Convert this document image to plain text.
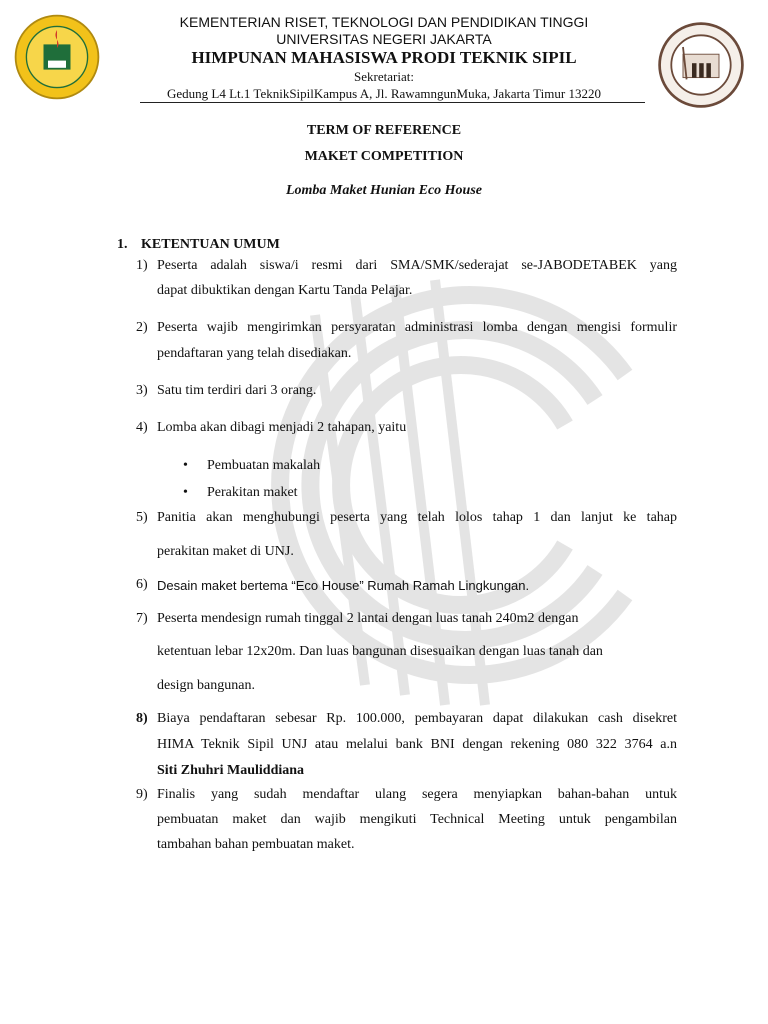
KEMENTERIAN RISET, TEKNOLOGI DAN PENDIDIKAN TINGGI
UNIVERSITAS NEGERI JAKARTA
HIMPUNAN MAHASISWA PRODI TEKNIK SIPIL
Sekretariat:
Gedung L4 Lt.1 TeknikSipilKampus A, Jl. RawamngunMuka, Jakarta Timur 13220
TERM OF REFERENCE
MAKET COMPETITION
Lomba Maket Hunian Eco House
1. KETENTUAN UMUM
1) Peserta adalah siswa/i resmi dari SMA/SMK/sederajat se-JABODETABEK yang
dapat dibuktikan dengan Kartu Tanda Pelajar.
2) Peserta wajib mengirimkan persyaratan administrasi lomba dengan mengisi formulir
pendaftaran yang telah disediakan.
3) Satu tim terdiri dari 3 orang.
4) Lomba akan dibagi menjadi 2 tahapan, yaitu
• Pembuatan makalah
• Perakitan maket
5) Panitia akan menghubungi peserta yang telah lolos tahap 1 dan lanjut ke tahap
perakitan maket di UNJ.
6) Desain maket bertema “Eco House” Rumah Ramah Lingkungan.
7) Peserta mendesign rumah tinggal 2 lantai dengan luas tanah 240m2 dengan
ketentuan lebar 12x20m. Dan luas bangunan disesuaikan dengan luas tanah dan
design bangunan.
8) Biaya pendaftaran sebesar Rp. 100.000, pembayaran dapat dilakukan cash disekret
HIMA Teknik Sipil UNJ atau melalui bank BNI dengan rekening 080 322 3764 a.n
Siti Zhuhri Mauliddiana
9) Finalis yang sudah mendaftar ulang segera menyiapkan bahan-bahan untuk
pembuatan maket dan wajib mengikuti Technical Meeting untuk pengambilan
tambahan bahan pembuatan maket.
